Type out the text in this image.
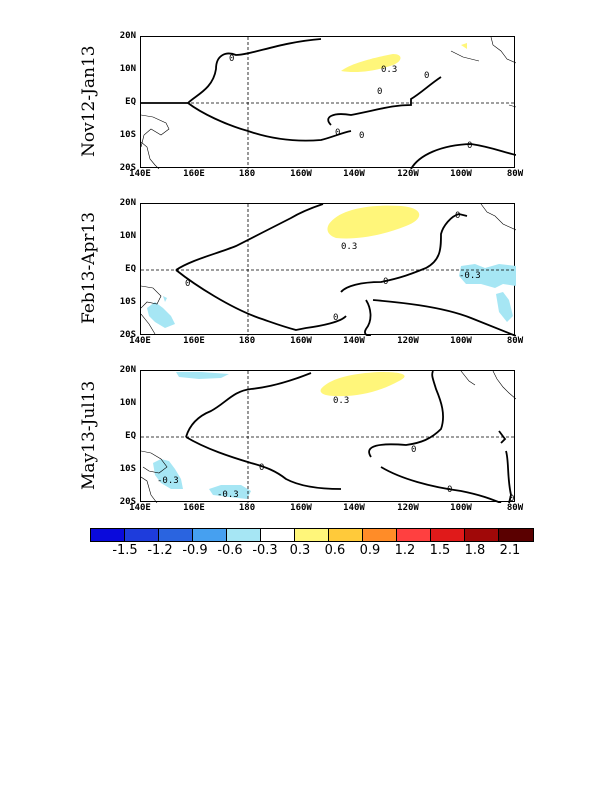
Nov12-Jan13
20N
10N
EQ
10S
20S
0
0.3
0
0
0 0
0
140E	160E	180	160W	140W	120W	100W	80W
Feb13-Apr13
20N
10N
EQ
10S
20S
0.3
0	0
0
0
-0.3
140E	160E	180	160W	140W	120W	100W	80W
May13-Jul13
20N
10N
EQ
10S
20S
0.3
0
0
0
0
-0.3
-0.3
140E	160E	180	160W	140W	120W	100W	80W
-1.5 -1.2 -0.9 -0.6 -0.3 0.3	0.6	0.9	1.2	1.5	1.8	2.1
